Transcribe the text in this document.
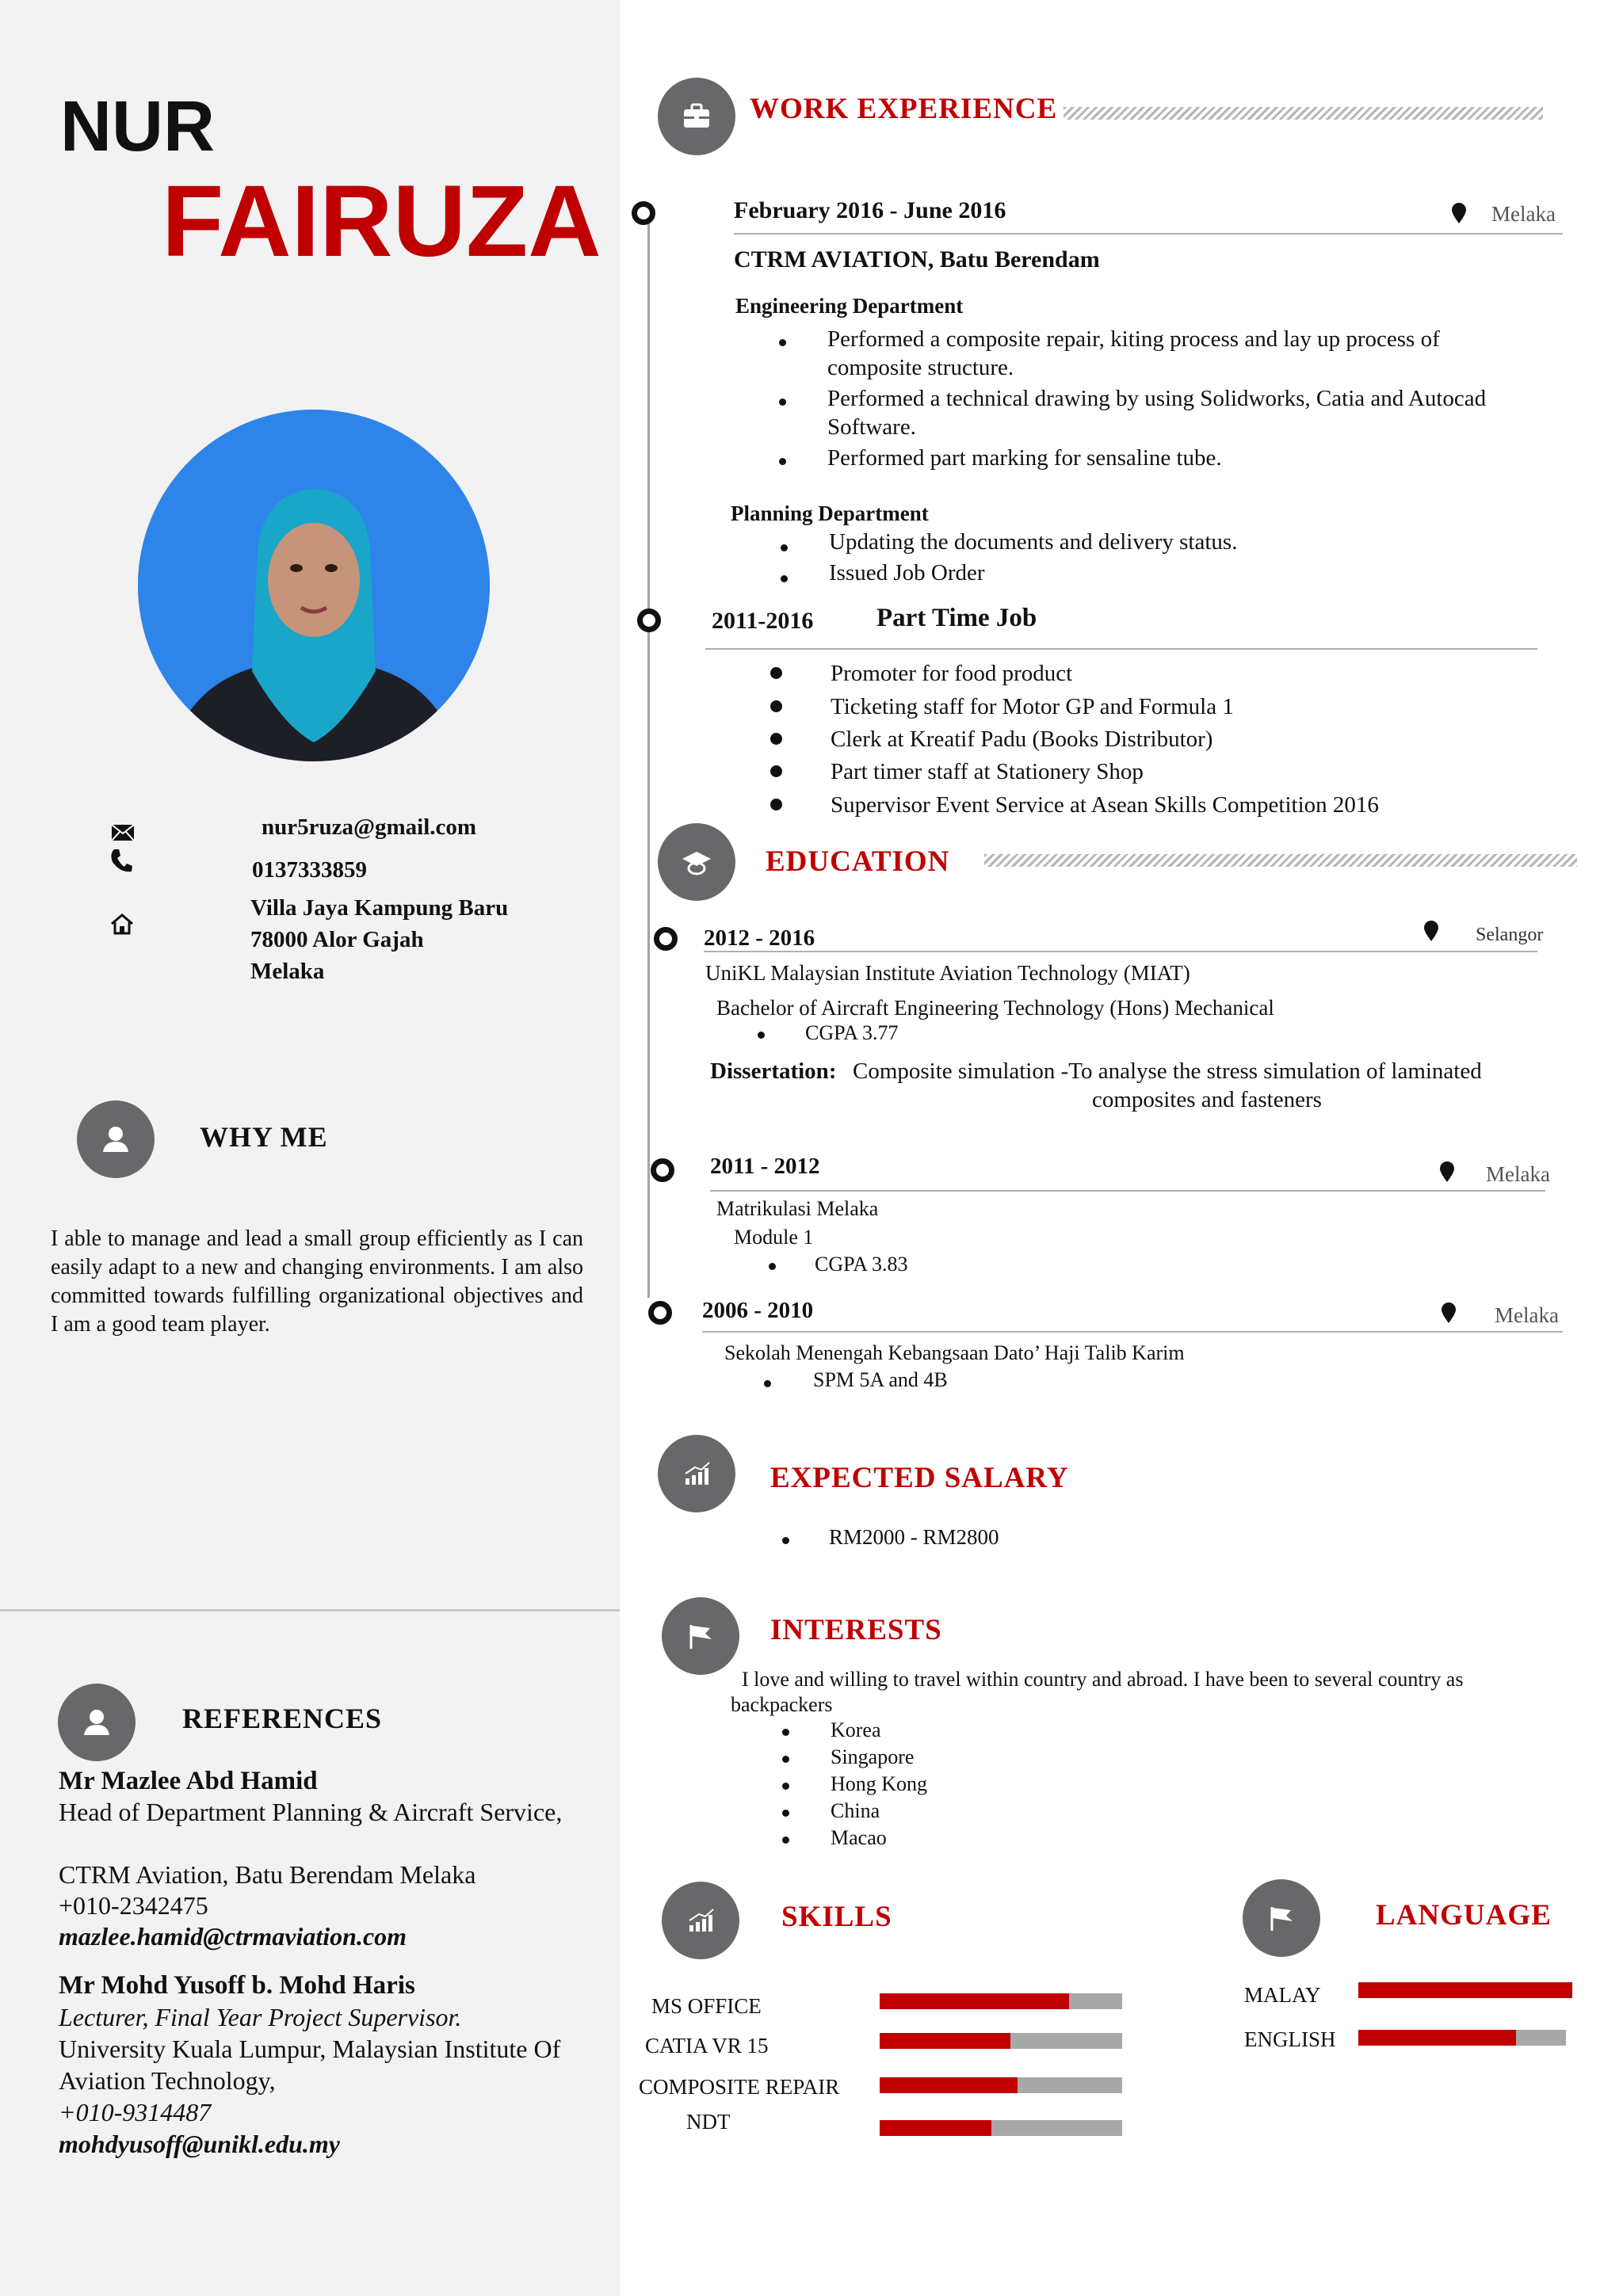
NUR
FAIRUZA
nur5ruza@gmail.com
0137333859
Villa Jaya Kampung Baru
78000 Alor Gajah
Melaka
WHY ME
I able to manage and lead a small group efficiently as I can easily adapt to a new and changing environments. I am also committed towards fulfilling organizational objectives and I am a good team player.
REFERENCES
Mr Mazlee Abd Hamid
Head of Department Planning & Aircraft Service,
CTRM Aviation, Batu Berendam Melaka
+010-2342475
mazlee.hamid@ctrmaviation.com
Mr Mohd Yusoff b. Mohd Haris
Lecturer, Final Year Project Supervisor.
University Kuala Lumpur, Malaysian Institute Of Aviation Technology,
+010-9314487
mohdyusoff@unikl.edu.my
WORK EXPERIENCE
February 2016 - June 2016	Melaka
CTRM AVIATION, Batu Berendam
Engineering Department
Performed a composite repair, kiting process and lay up process of composite structure.
Performed a technical drawing by using Solidworks, Catia and Autocad Software.
Performed part marking for sensaline tube.
Planning Department
Updating the documents and delivery status.
Issued Job Order
2011-2016 Part Time Job
Promoter for food product
Ticketing staff for Motor GP and Formula 1
Clerk at Kreatif Padu (Books Distributor)
Part timer staff at Stationery Shop
Supervisor Event Service at Asean Skills Competition 2016
EDUCATION
2012 - 2016	Selangor
UniKL Malaysian Institute Aviation Technology (MIAT)
Bachelor of Aircraft Engineering Technology (Hons) Mechanical
CGPA 3.77
Dissertation: Composite simulation -To analyse the stress simulation of laminated
composites and fasteners
2011 - 2012	Melaka
Matrikulasi Melaka
Module 1
CGPA 3.83
2006 - 2010	Melaka
Sekolah Menengah Kebangsaan Dato’ Haji Talib Karim
SPM 5A and 4B
EXPECTED SALARY
RM2000 - RM2800
INTERESTS
I love and willing to travel within country and abroad. I have been to several country as
backpackers
Korea
Singapore
Hong Kong
China
Macao
SKILLS
MS OFFICE
CATIA VR 15
COMPOSITE REPAIR
NDT
LANGUAGE
MALAY
ENGLISH
